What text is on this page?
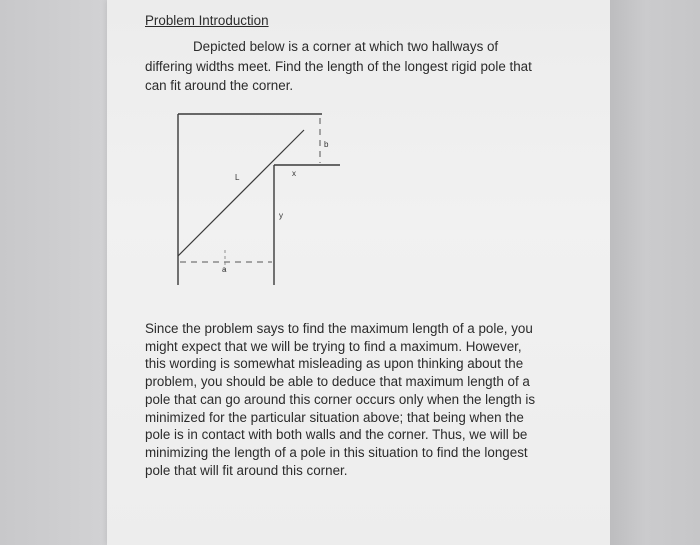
Problem Introduction
Depicted below is a corner at which two hallways of
differing widths meet. Find the length of the longest rigid pole that
can fit around the corner.
L	x
y
a
b
Since the problem says to find the maximum length of a pole, you
might expect that we will be trying to find a maximum. However,
this wording is somewhat misleading as upon thinking about the
problem, you should be able to deduce that maximum length of a
pole that can go around this corner occurs only when the length is
minimized for the particular situation above; that being when the
pole is in contact with both walls and the corner. Thus, we will be
minimizing the length of a pole in this situation to find the longest
pole that will fit around this corner.
